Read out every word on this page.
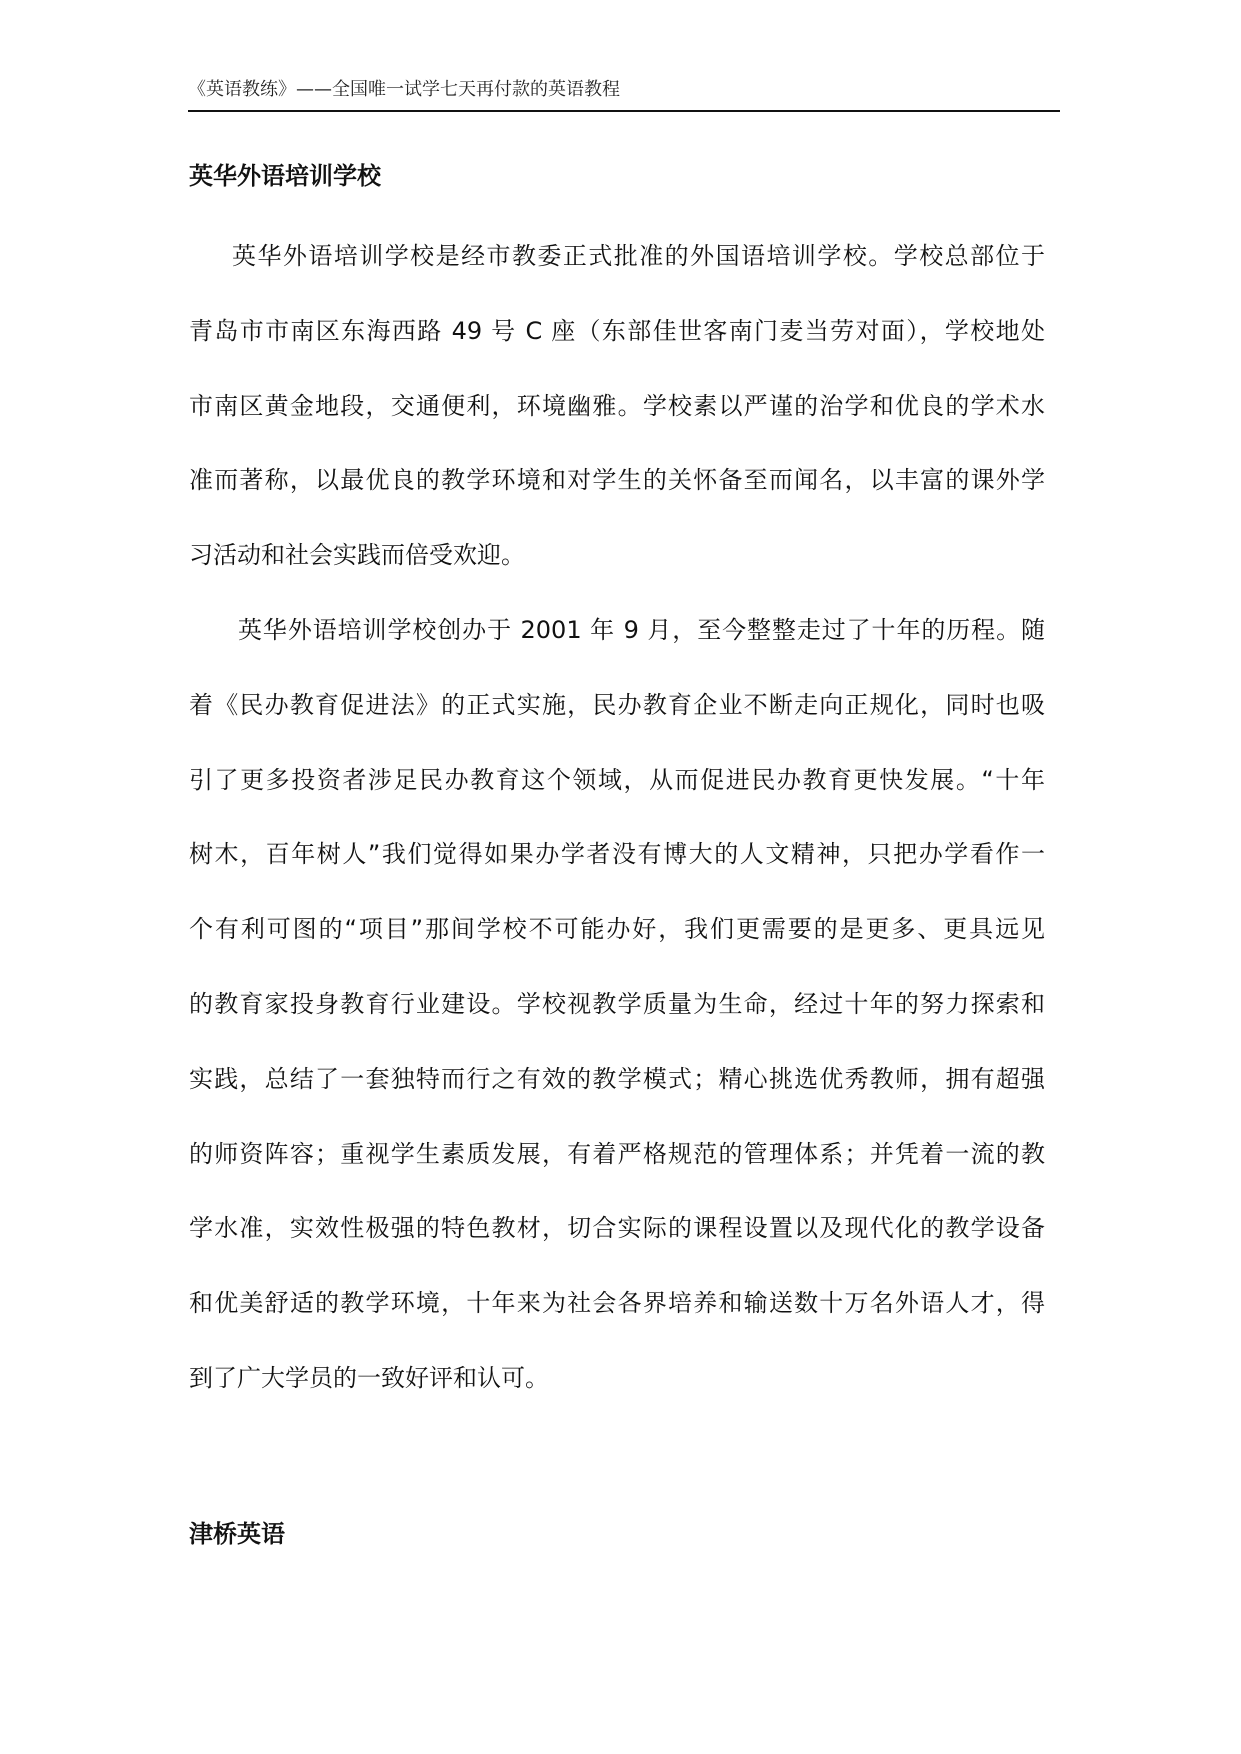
《英语教练》——全国唯一试学七天再付款的英语教程
英华外语培训学校

英华外语培训学校是经市教委正式批准的外国语培训学校。学校总部位于

青岛市市南区东海西路 49 号 C 座（东部佳世客南门麦当劳对面），学校地处

市南区黄金地段，交通便利，环境幽雅。学校素以严谨的治学和优良的学术水

准而著称，以最优良的教学环境和对学生的关怀备至而闻名，以丰富的课外学

习活动和社会实践而倍受欢迎。

英华外语培训学校创办于 2001 年 9 月，至今整整走过了十年的历程。随

着《民办教育促进法》的正式实施，民办教育企业不断走向正规化，同时也吸

引了更多投资者涉足民办教育这个领域，从而促进民办教育更快发展。“十年

树木，百年树人”我们觉得如果办学者没有博大的人文精神，只把办学看作一

个有利可图的“项目”那间学校不可能办好，我们更需要的是更多、更具远见

的教育家投身教育行业建设。学校视教学质量为生命，经过十年的努力探索和

实践，总结了一套独特而行之有效的教学模式；精心挑选优秀教师，拥有超强

的师资阵容；重视学生素质发展，有着严格规范的管理体系；并凭着一流的教

学水准，实效性极强的特色教材，切合实际的课程设置以及现代化的教学设备

和优美舒适的教学环境，十年来为社会各界培养和输送数十万名外语人才，得

到了广大学员的一致好评和认可。

津桥英语
